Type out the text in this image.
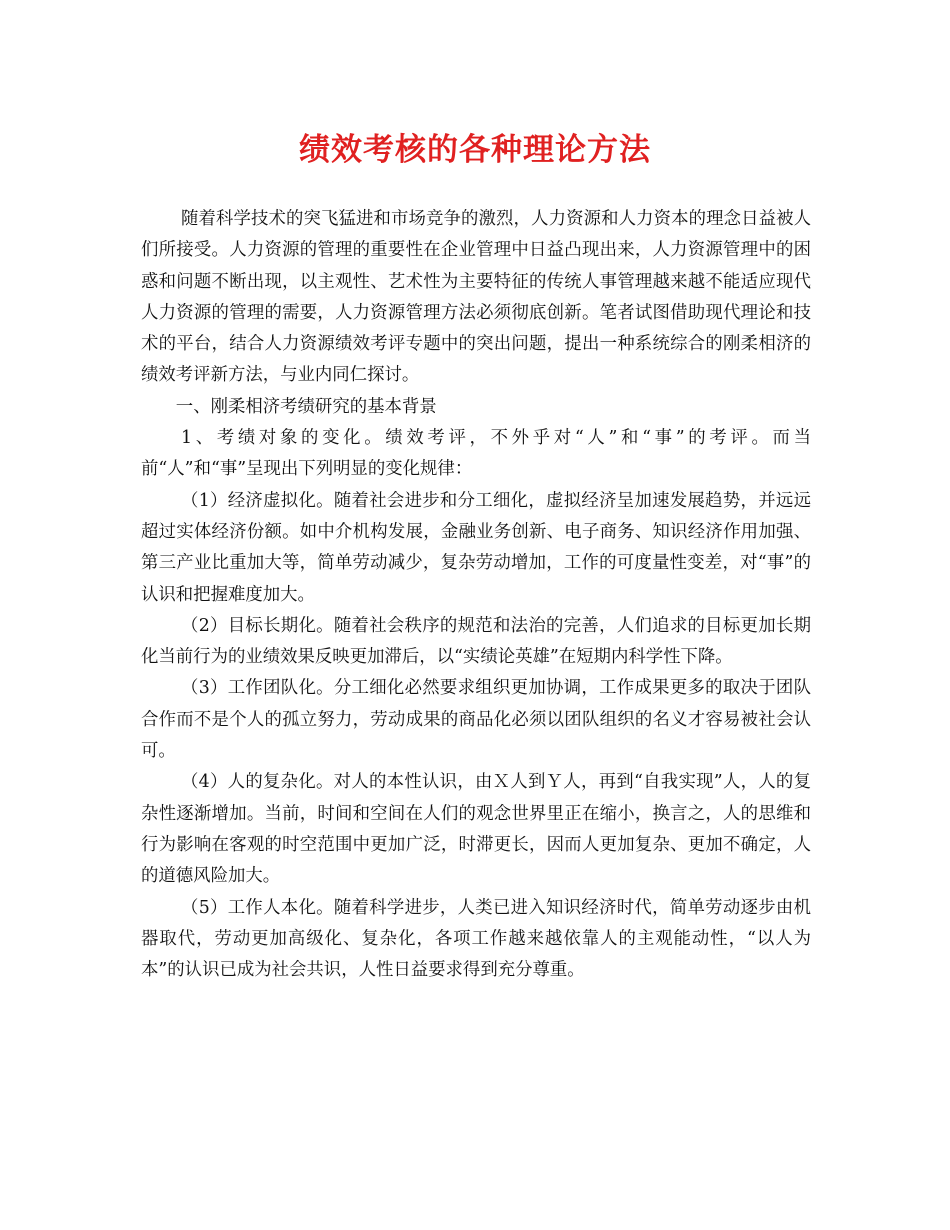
绩效考核的各种理论方法

随着科学技术的突飞猛进和市场竞争的激烈，人力资源和人力资本的理念日益被人们所接受。人力资源的管理的重要性在企业管理中日益凸现出来，人力资源管理中的困惑和问题不断出现，以主观性、艺术性为主要特征的传统人事管理越来越不能适应现代人力资源的管理的需要，人力资源管理方法必须彻底创新。笔者试图借助现代理论和技术的平台，结合人力资源绩效考评专题中的突出问题，提出一种系统综合的刚柔相济的绩效考评新方法，与业内同仁探讨。

一、刚柔相济考绩研究的基本背景

1、考绩对象的变化。绩效考评，不外乎对“人”和“事”的考评。而当前“人”和“事”呈现出下列明显的变化规律：

（1）经济虚拟化。随着社会进步和分工细化，虚拟经济呈加速发展趋势，并远远超过实体经济份额。如中介机构发展，金融业务创新、电子商务、知识经济作用加强、第三产业比重加大等，简单劳动减少，复杂劳动增加，工作的可度量性变差，对“事”的认识和把握难度加大。

（2）目标长期化。随着社会秩序的规范和法治的完善，人们追求的目标更加长期化当前行为的业绩效果反映更加滞后，以“实绩论英雄”在短期内科学性下降。

（3）工作团队化。分工细化必然要求组织更加协调，工作成果更多的取决于团队合作而不是个人的孤立努力，劳动成果的商品化必须以团队组织的名义才容易被社会认可。

（4）人的复杂化。对人的本性认识，由Ｘ人到Ｙ人，再到“自我实现”人，人的复杂性逐渐增加。当前，时间和空间在人们的观念世界里正在缩小，换言之，人的思维和行为影响在客观的时空范围中更加广泛，时滞更长，因而人更加复杂、更加不确定，人的道德风险加大。

（5）工作人本化。随着科学进步，人类已进入知识经济时代，简单劳动逐步由机器取代，劳动更加高级化、复杂化，各项工作越来越依靠人的主观能动性，“以人为本”的认识已成为社会共识，人性日益要求得到充分尊重。
